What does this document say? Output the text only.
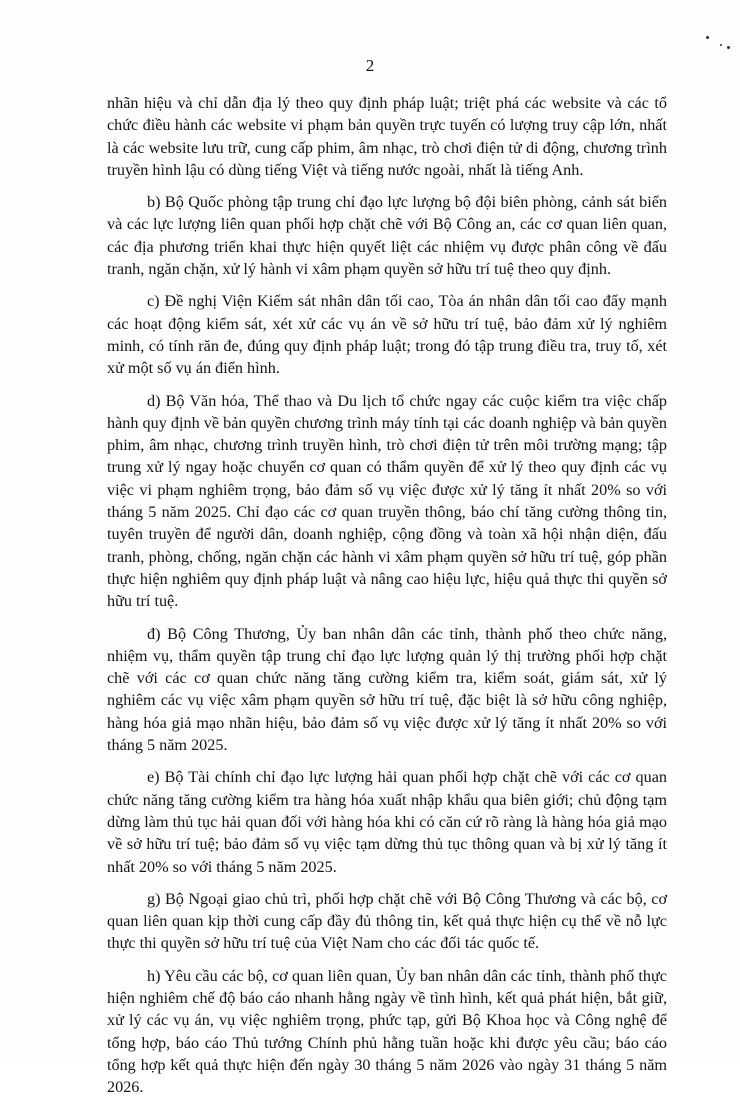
2

nhãn hiệu và chỉ dẫn địa lý theo quy định pháp luật; triệt phá các website và các tổ chức điều hành các website vi phạm bản quyền trực tuyến có lượng truy cập lớn, nhất là các website lưu trữ, cung cấp phim, âm nhạc, trò chơi điện tử di động, chương trình truyền hình lậu có dùng tiếng Việt và tiếng nước ngoài, nhất là tiếng Anh.

b) Bộ Quốc phòng tập trung chỉ đạo lực lượng bộ đội biên phòng, cảnh sát biển và các lực lượng liên quan phối hợp chặt chẽ với Bộ Công an, các cơ quan liên quan, các địa phương triển khai thực hiện quyết liệt các nhiệm vụ được phân công về đấu tranh, ngăn chặn, xử lý hành vi xâm phạm quyền sở hữu trí tuệ theo quy định.

c) Đề nghị Viện Kiểm sát nhân dân tối cao, Tòa án nhân dân tối cao đẩy mạnh các hoạt động kiểm sát, xét xử các vụ án về sở hữu trí tuệ, bảo đảm xử lý nghiêm minh, có tính răn đe, đúng quy định pháp luật; trong đó tập trung điều tra, truy tố, xét xử một số vụ án điển hình.

d) Bộ Văn hóa, Thể thao và Du lịch tổ chức ngay các cuộc kiểm tra việc chấp hành quy định về bản quyền chương trình máy tính tại các doanh nghiệp và bản quyền phim, âm nhạc, chương trình truyền hình, trò chơi điện tử trên môi trường mạng; tập trung xử lý ngay hoặc chuyển cơ quan có thẩm quyền để xử lý theo quy định các vụ việc vi phạm nghiêm trọng, bảo đảm số vụ việc được xử lý tăng ít nhất 20% so với tháng 5 năm 2025. Chỉ đạo các cơ quan truyền thông, báo chí tăng cường thông tin, tuyên truyền để người dân, doanh nghiệp, cộng đồng và toàn xã hội nhận diện, đấu tranh, phòng, chống, ngăn chặn các hành vi xâm phạm quyền sở hữu trí tuệ, góp phần thực hiện nghiêm quy định pháp luật và nâng cao hiệu lực, hiệu quả thực thi quyền sở hữu trí tuệ.

đ) Bộ Công Thương, Ủy ban nhân dân các tỉnh, thành phố theo chức năng, nhiệm vụ, thẩm quyền tập trung chỉ đạo lực lượng quản lý thị trường phối hợp chặt chẽ với các cơ quan chức năng tăng cường kiểm tra, kiểm soát, giám sát, xử lý nghiêm các vụ việc xâm phạm quyền sở hữu trí tuệ, đặc biệt là sở hữu công nghiệp, hàng hóa giả mạo nhãn hiệu, bảo đảm số vụ việc được xử lý tăng ít nhất 20% so với tháng 5 năm 2025.

e) Bộ Tài chính chỉ đạo lực lượng hải quan phối hợp chặt chẽ với các cơ quan chức năng tăng cường kiểm tra hàng hóa xuất nhập khẩu qua biên giới; chủ động tạm dừng làm thủ tục hải quan đối với hàng hóa khi có căn cứ rõ ràng là hàng hóa giả mạo về sở hữu trí tuệ; bảo đảm số vụ việc tạm dừng thủ tục thông quan và bị xử lý tăng ít nhất 20% so với tháng 5 năm 2025.

g) Bộ Ngoại giao chủ trì, phối hợp chặt chẽ với Bộ Công Thương và các bộ, cơ quan liên quan kịp thời cung cấp đầy đủ thông tin, kết quả thực hiện cụ thể về nỗ lực thực thi quyền sở hữu trí tuệ của Việt Nam cho các đối tác quốc tế.

h) Yêu cầu các bộ, cơ quan liên quan, Ủy ban nhân dân các tỉnh, thành phố thực hiện nghiêm chế độ báo cáo nhanh hằng ngày về tình hình, kết quả phát hiện, bắt giữ, xử lý các vụ án, vụ việc nghiêm trọng, phức tạp, gửi Bộ Khoa học và Công nghệ để tổng hợp, báo cáo Thủ tướng Chính phủ hằng tuần hoặc khi được yêu cầu; báo cáo tổng hợp kết quả thực hiện đến ngày 30 tháng 5 năm 2026 vào ngày 31 tháng 5 năm 2026.
